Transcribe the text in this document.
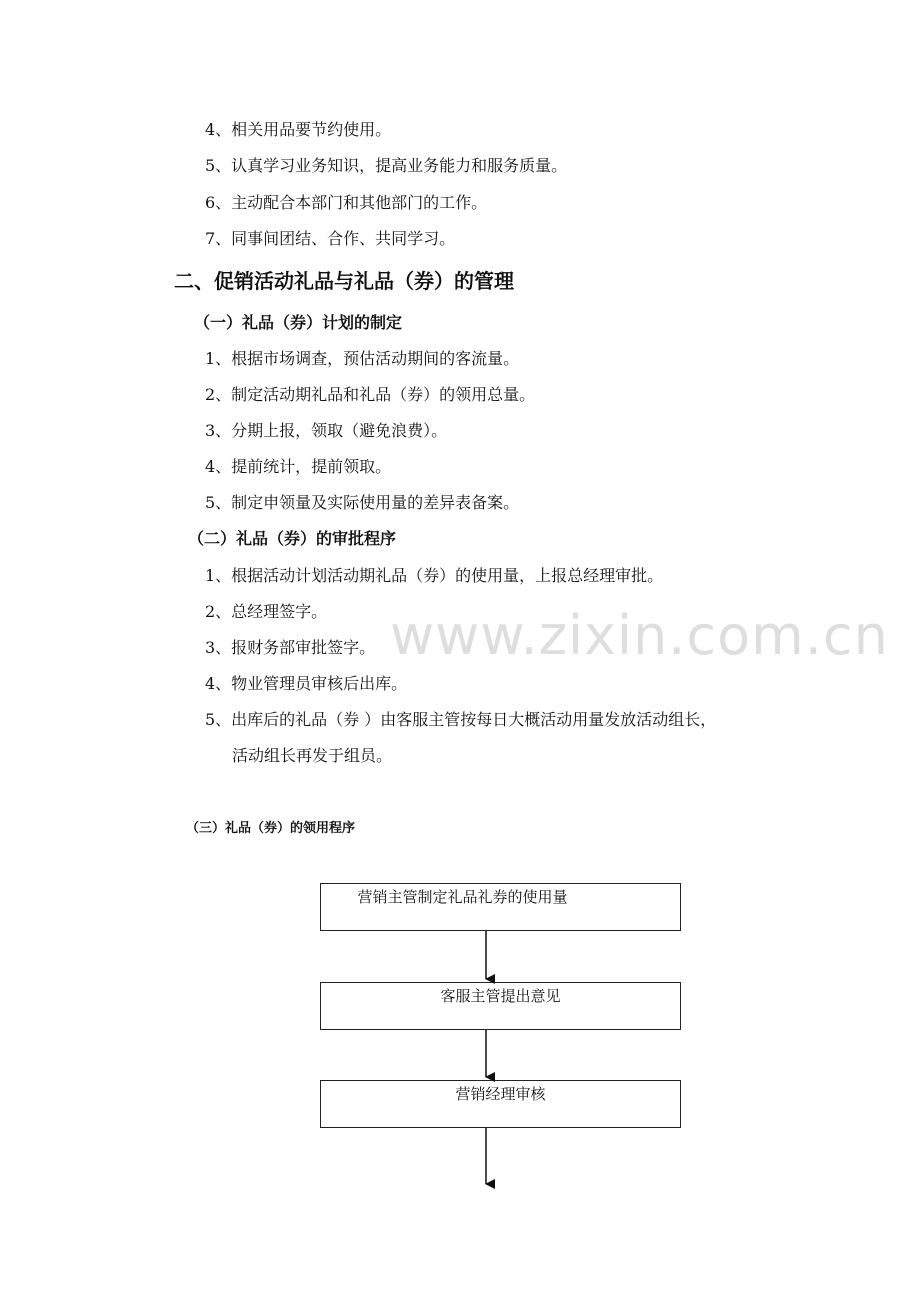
4、相关用品要节约使用。
5、认真学习业务知识，提高业务能力和服务质量。
6、主动配合本部门和其他部门的工作。
7、同事间团结、合作、共同学习。
二、促销活动礼品与礼品（券）的管理
（一）礼品（券）计划的制定
1、根据市场调查，预估活动期间的客流量。
2、制定活动期礼品和礼品（券）的领用总量。
3、分期上报，领取（避免浪费）。
4、提前统计，提前领取。
5、制定申领量及实际使用量的差异表备案。
（二）礼品（券）的审批程序
1、根据活动计划活动期礼品（券）的使用量，上报总经理审批。
2、总经理签字。
3、报财务部审批签字。
4、物业管理员审核后出库。
5、出库后的礼品（券 ）由客服主管按每日大概活动用量发放活动组长，
活动组长再发于组员。
www.zixin.com.cn
（三）礼品（券）的领用程序
营销主管制定礼品礼券的使用量
客服主管提出意见
营销经理审核
